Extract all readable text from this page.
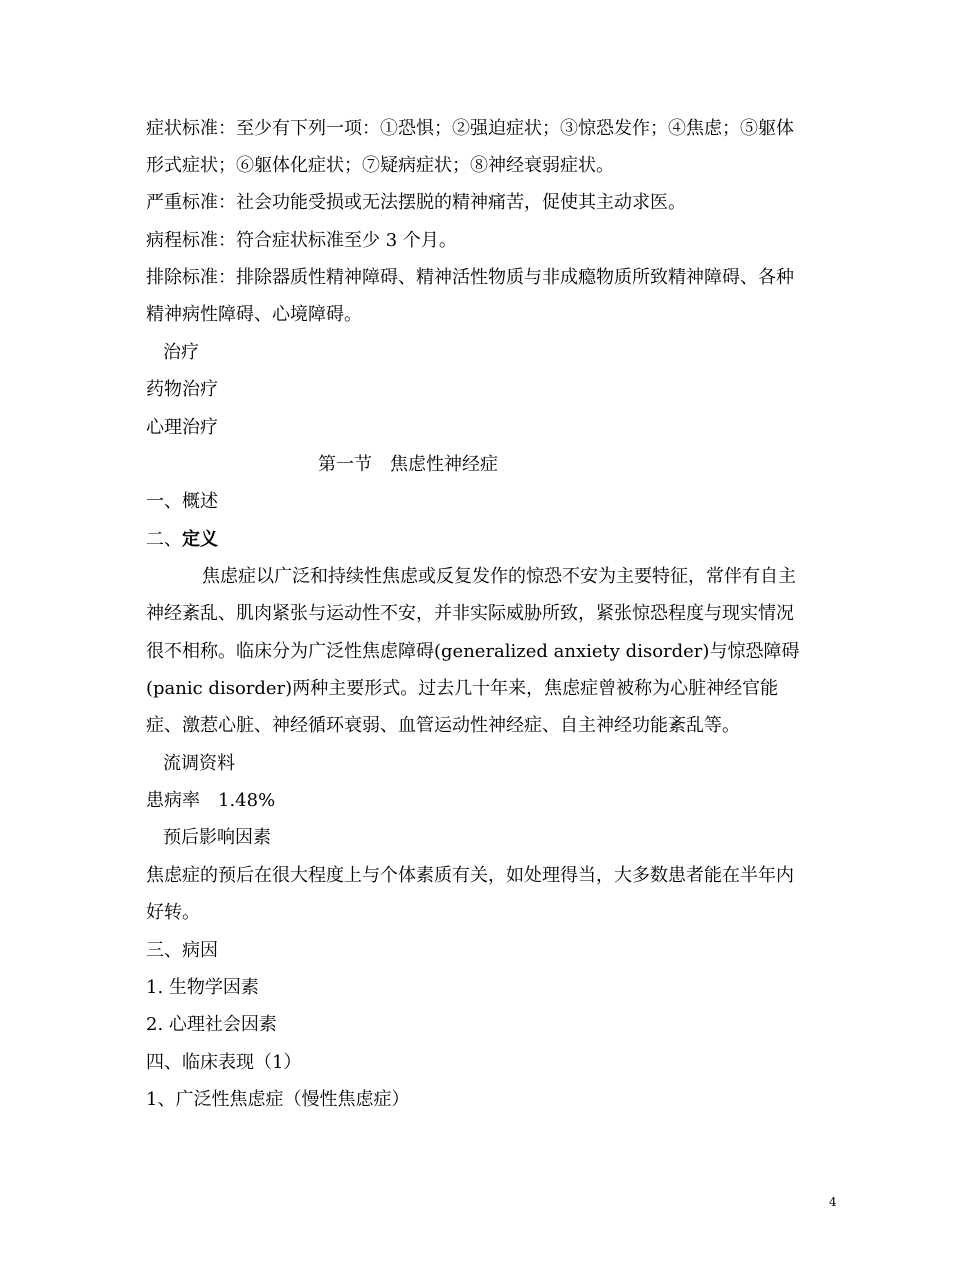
症状标准：至少有下列一项：①恐惧；②强迫症状；③惊恐发作；④焦虑；⑤躯体
形式症状；⑥躯体化症状；⑦疑病症状；⑧神经衰弱症状。
严重标准：社会功能受损或无法摆脱的精神痛苦，促使其主动求医。
病程标准：符合症状标准至少 3 个月。
排除标准：排除器质性精神障碍、精神活性物质与非成瘾物质所致精神障碍、各种
精神病性障碍、心境障碍。
治疗
药物治疗
心理治疗
第一节　焦虑性神经症
一、概述
二、定义
焦虑症以广泛和持续性焦虑或反复发作的惊恐不安为主要特征，常伴有自主
神经紊乱、肌肉紧张与运动性不安，并非实际威胁所致，紧张惊恐程度与现实情况
很不相称。临床分为广泛性焦虑障碍(generalized anxiety disorder)与惊恐障碍
(panic disorder)两种主要形式。过去几十年来，焦虑症曾被称为心脏神经官能
症、激惹心脏、神经循环衰弱、血管运动性神经症、自主神经功能紊乱等。
流调资料
患病率　1.48%
预后影响因素
焦虑症的预后在很大程度上与个体素质有关，如处理得当，大多数患者能在半年内
好转。
三、病因
1. 生物学因素
2. 心理社会因素
四、临床表现（1）
1、广泛性焦虑症（慢性焦虑症）
4
